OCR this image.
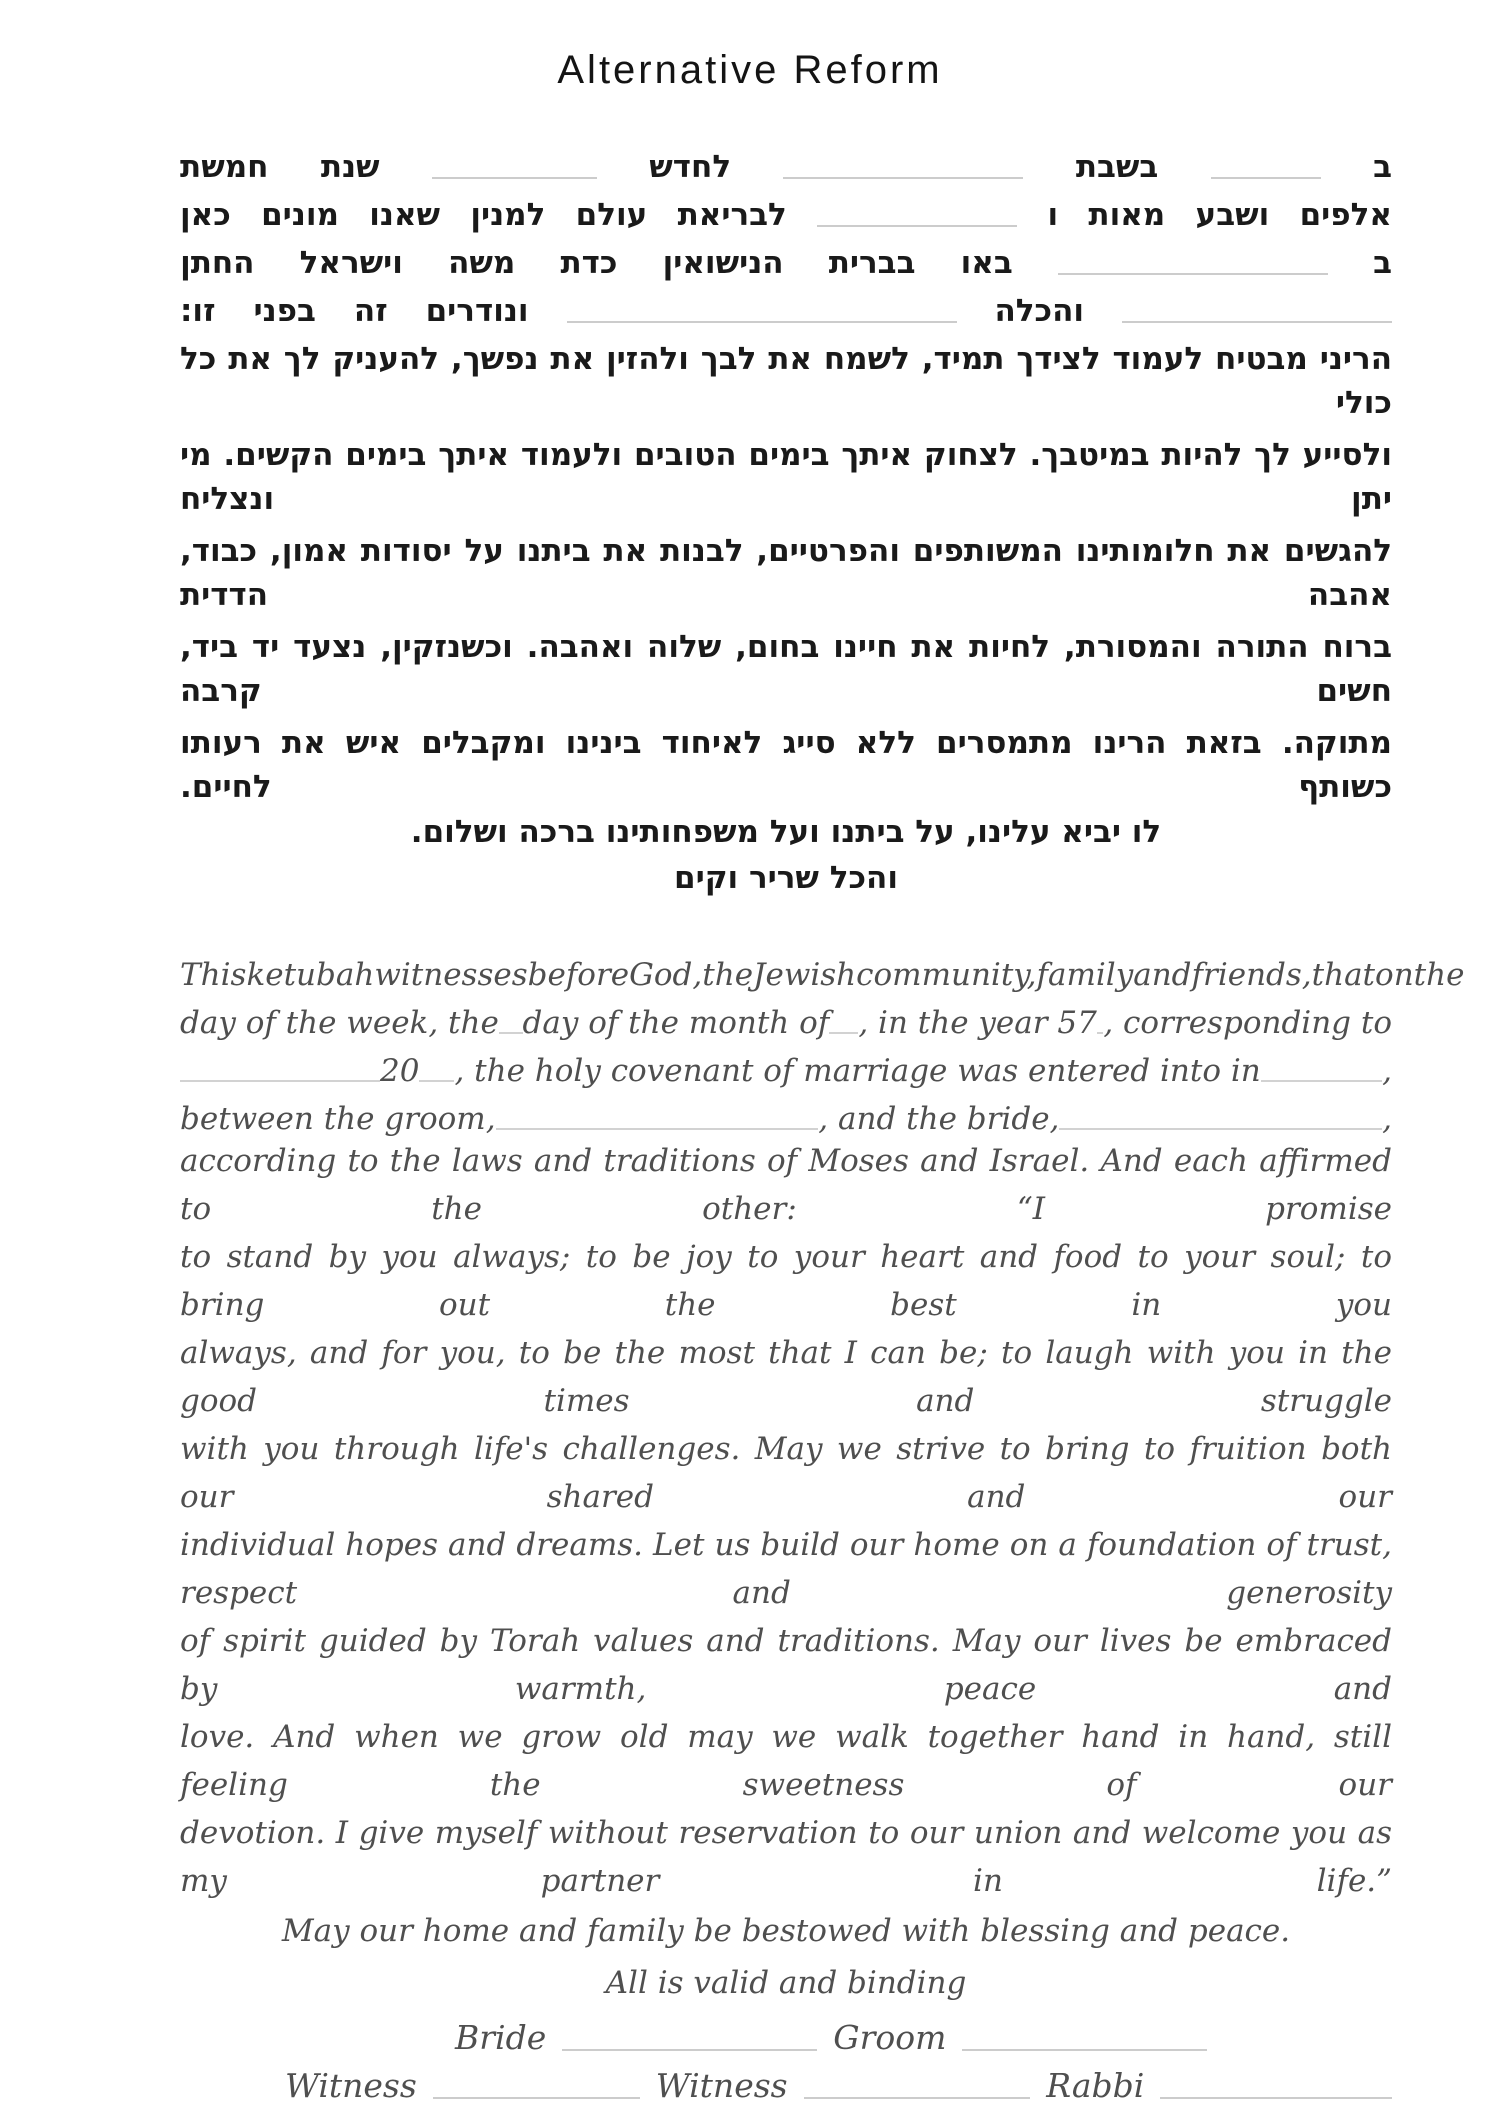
Alternative Reform
ב
בשבת
לחדש
שנת
חמשת
אלפים
ושבע
מאות
ו
לבריאת
עולם
למנין
שאנו
מונים
כאן
ב
באו
בברית
הנישואין
כדת
משה
וישראל
החתן
והכלה
ונודרים
זה
בפני
זו:
הריני מבטיח לעמוד לצידך תמיד, לשמח את לבך ולהזין את נפשך, להעניק לך את כל כולי
ולסייע לך להיות במיטבך. לצחוק איתך בימים הטובים ולעמוד איתך בימים הקשים. מי יתן ונצליח
להגשים את חלומותינו המשותפים והפרטיים, לבנות את ביתנו על יסודות אמון, כבוד, אהבה הדדית
ברוח התורה והמסורת, לחיות את חיינו בחום, שלוה ואהבה. וכשנזקין, נצעד יד ביד, חשים קרבה
מתוקה. בזאת הרינו מתמסרים ללא סייג לאיחוד בינינו ומקבלים איש את רעותו כשותף לחיים.
לו יביא עלינו, על ביתנו ועל משפחותינו ברכה ושלום.
והכל שריר וקים
This ketubah witnesses before God, the Jewish community, family and friends, that on the
day of the week, the day of the month of , in the year 57 , corresponding to
20 , the holy covenant of marriage was entered into in	,
between the groom,	, and the bride,	,
according to the laws and traditions of Moses and Israel. And each affirmed to the other: “I promise
to stand by you always; to be joy to your heart and food to your soul; to bring out the best in you
always, and for you, to be the most that I can be; to laugh with you in the good times and struggle
with you through life's challenges. May we strive to bring to fruition both our shared and our
individual hopes and dreams. Let us build our home on a foundation of trust, respect and generosity
of spirit guided by Torah values and traditions. May our lives be embraced by warmth, peace and
love. And when we grow old may we walk together hand in hand, still feeling the sweetness of our
devotion. I give myself without reservation to our union and welcome you as my partner in life.”
May our home and family be bestowed with blessing and peace.
All is valid and binding
Bride	Groom
Witness	Witness	Rabbi
